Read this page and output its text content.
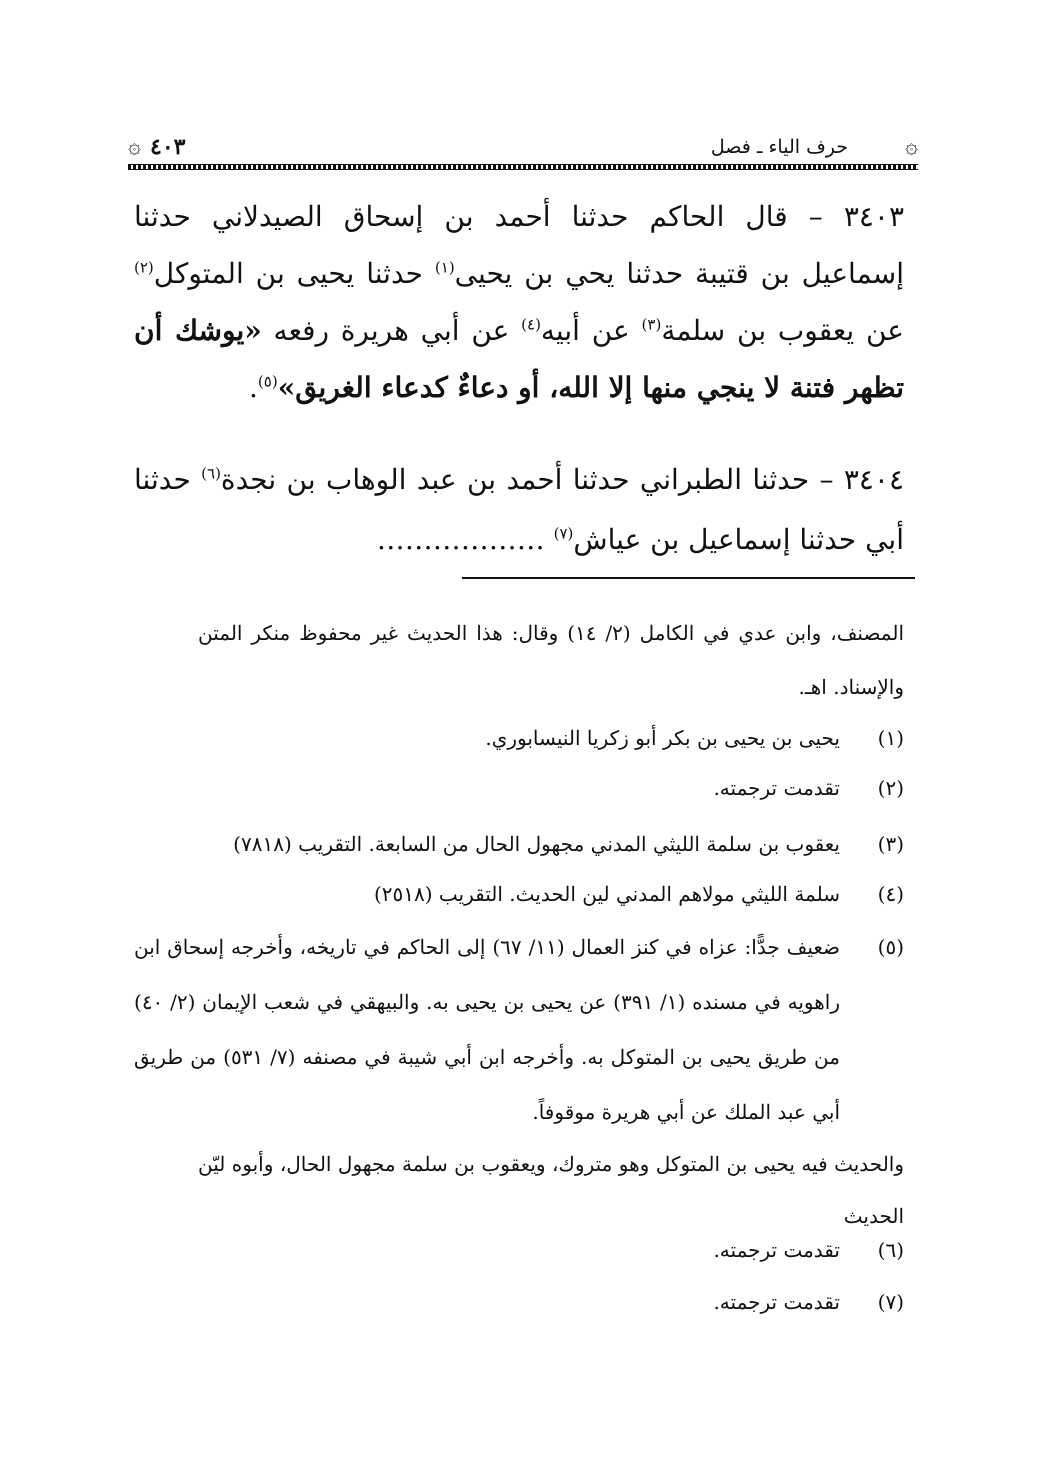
۞
حرف الياء ـ فصل
٤٠٣
۞
٣٤٠٣ – قال الحاكم حدثنا أحمد بن إسحاق الصيدلاني حدثنا إسماعيل بن قتيبة حدثنا يحي بن يحيى$^{(١)}$ حدثنا يحيى بن المتوكل$^{(٢)}$ عن يعقوب بن سلمة$^{(٣)}$ عن أبيه$^{(٤)}$ عن أبي هريرة رفعه «يوشك أن تظهر فتنة لا ينجي منها إلا الله، أو دعاءٌ كدعاء الغريق»$^{(٥)}$.
٣٤٠٤ – حدثنا الطبراني حدثنا أحمد بن عبد الوهاب بن نجدة$^{(٦)}$ حدثنا أبي حدثنا إسماعيل بن عياش$^{(٧)}$ ………………
المصنف، وابن عدي في الكامل (٢/ ١٤) وقال: هذا الحديث غير محفوظ منكر المتن والإسناد. اهـ.
(١)
يحيى بن يحيى بن بكر أبو زكريا النيسابوري.
(٢)
تقدمت ترجمته.
(٣)
يعقوب بن سلمة الليثي المدني مجهول الحال من السابعة. التقريب (٧٨١٨)
(٤)
سلمة الليثي مولاهم المدني لين الحديث. التقريب (٢٥١٨)
(٥)
ضعيف جدًّا: عزاه في كنز العمال (١١/ ٦٧) إلى الحاكم في تاريخه، وأخرجه إسحاق ابن راهويه في مسنده (١/ ٣٩١) عن يحيى بن يحيى به. والبيهقي في شعب الإيمان (٢/ ٤٠) من طريق يحيى بن المتوكل به. وأخرجه ابن أبي شيبة في مصنفه (٧/ ٥٣١) من طريق أبي عبد الملك عن أبي هريرة موقوفاً.
والحديث فيه يحيى بن المتوكل وهو متروك، ويعقوب بن سلمة مجهول الحال، وأبوه ليّن الحديث
(٦)
تقدمت ترجمته.
(٧)
تقدمت ترجمته.
